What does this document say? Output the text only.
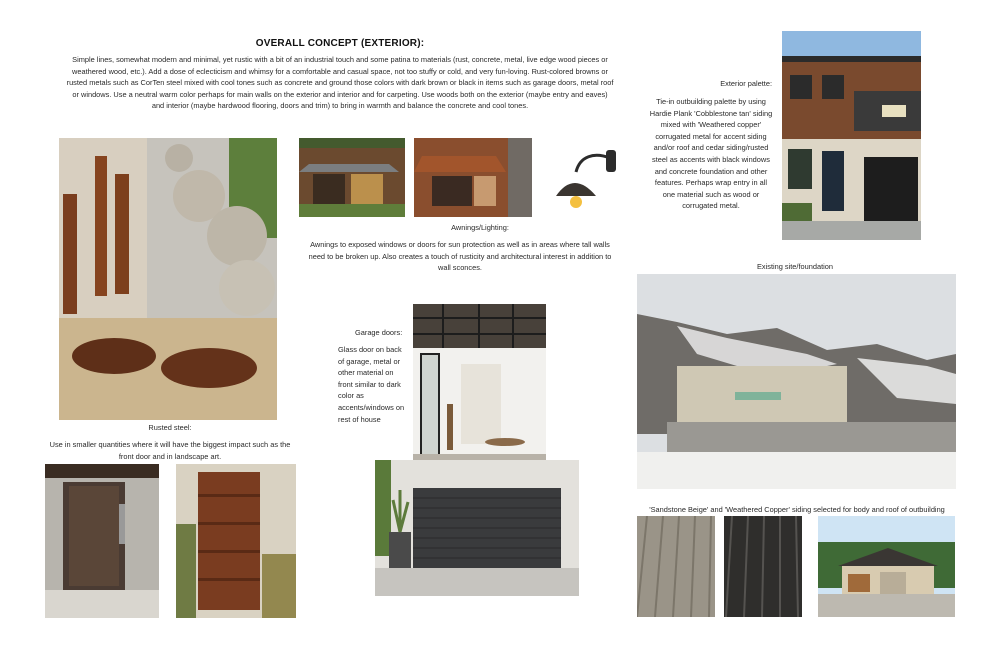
OVERALL CONCEPT (EXTERIOR):
Simple lines, somewhat modern and minimal, yet rustic with a bit of an industrial touch and some patina to materials (rust, concrete, metal, live edge wood pieces or weathered wood, etc.). Add a dose of eclecticism and whimsy for a comfortable and casual space, not too stuffy or cold, and very fun-loving. Rust-colored browns or rusted metals such as CorTen steel mixed with cool tones such as concrete and ground those colors with dark brown or black in items such as garage doors, metal roof or windows. Use a neutral warm color perhaps for main walls on the exterior and interior and for carpeting. Use woods both on the exterior (maybe entry and eaves) and interior (maybe hardwood flooring, doors and trim) to bring in warmth and balance the concrete and cool tones.
Exterior palette:
Tie-in outbuilding palette by using Hardie Plank 'Cobblestone tan' siding mixed with 'Weathered copper' corrugated metal for accent siding and/or roof and cedar siding/rusted steel as accents with black windows and concrete foundation and other features. Perhaps wrap entry in all one material such as wood or corrugated metal.
Rusted steel:
Use in smaller quantities where it will have the biggest impact such as the front door and in landscape art.
Awnings/Lighting:
Awnings to exposed windows or doors for sun protection as well as in areas where tall walls need to be broken up. Also creates a touch of rusticity and architectural interest in addition to wall sconces.
Garage doors:
Glass door on back of garage, metal or other material on front similar to dark color as accents/windows on rest of house
Existing site/foundation
'Sandstone Beige' and 'Weathered Copper' siding selected for body and roof of outbuilding
